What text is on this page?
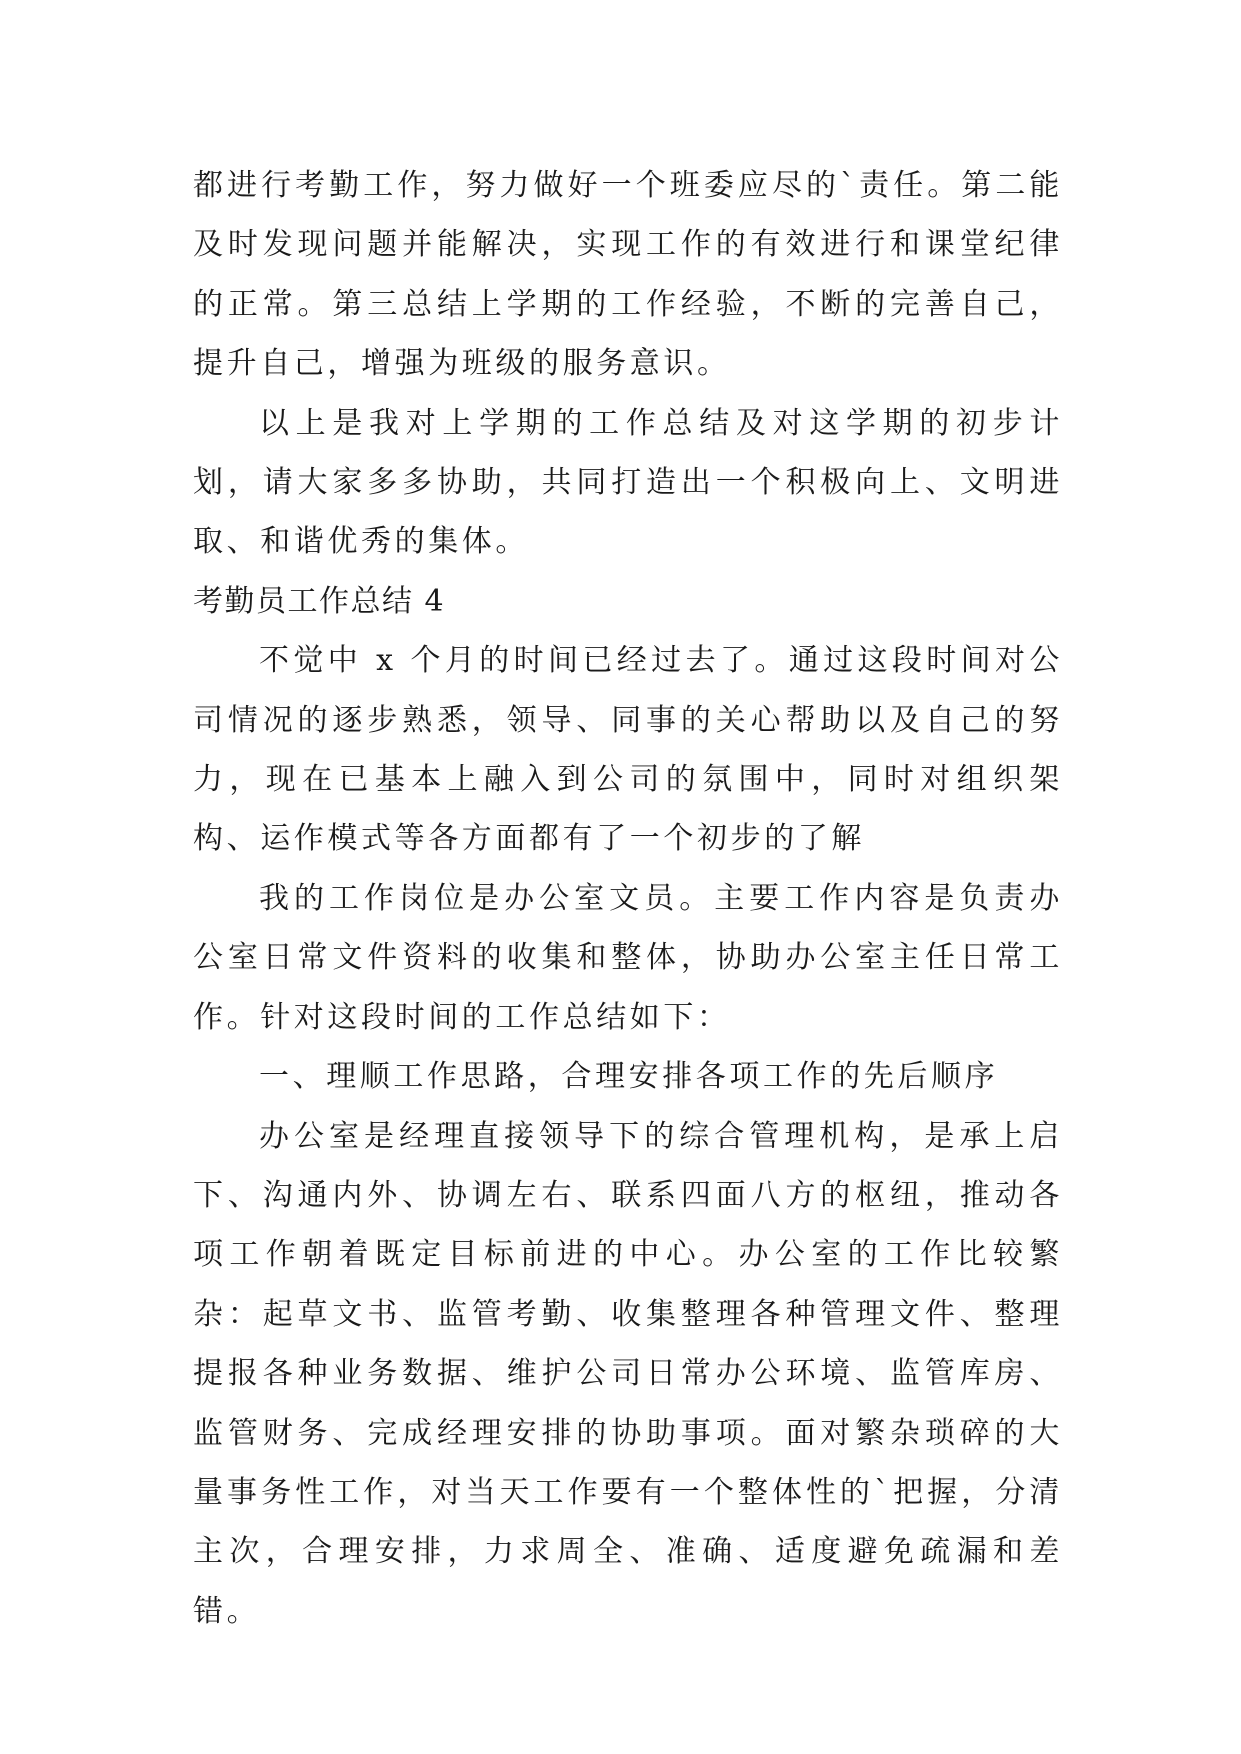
都进行考勤工作，努力做好一个班委应尽的`责任。第二能及时发现问题并能解决，实现工作的有效进行和课堂纪律的正常。第三总结上学期的工作经验，不断的完善自己，提升自己，增强为班级的服务意识。

以上是我对上学期的工作总结及对这学期的初步计划，请大家多多协助，共同打造出一个积极向上、文明进取、和谐优秀的集体。

考勤员工作总结 4

不觉中 x 个月的时间已经过去了。通过这段时间对公司情况的逐步熟悉，领导、同事的关心帮助以及自己的努力，现在已基本上融入到公司的氛围中，同时对组织架构、运作模式等各方面都有了一个初步的了解

我的工作岗位是办公室文员。主要工作内容是负责办公室日常文件资料的收集和整体，协助办公室主任日常工作。针对这段时间的工作总结如下：

一、理顺工作思路，合理安排各项工作的先后顺序

办公室是经理直接领导下的综合管理机构，是承上启下、沟通内外、协调左右、联系四面八方的枢纽，推动各项工作朝着既定目标前进的中心。办公室的工作比较繁杂：起草文书、监管考勤、收集整理各种管理文件、整理提报各种业务数据、维护公司日常办公环境、监管库房、监管财务、完成经理安排的协助事项。面对繁杂琐碎的大量事务性工作，对当天工作要有一个整体性的`把握，分清主次，合理安排，力求周全、准确、适度避免疏漏和差错。
